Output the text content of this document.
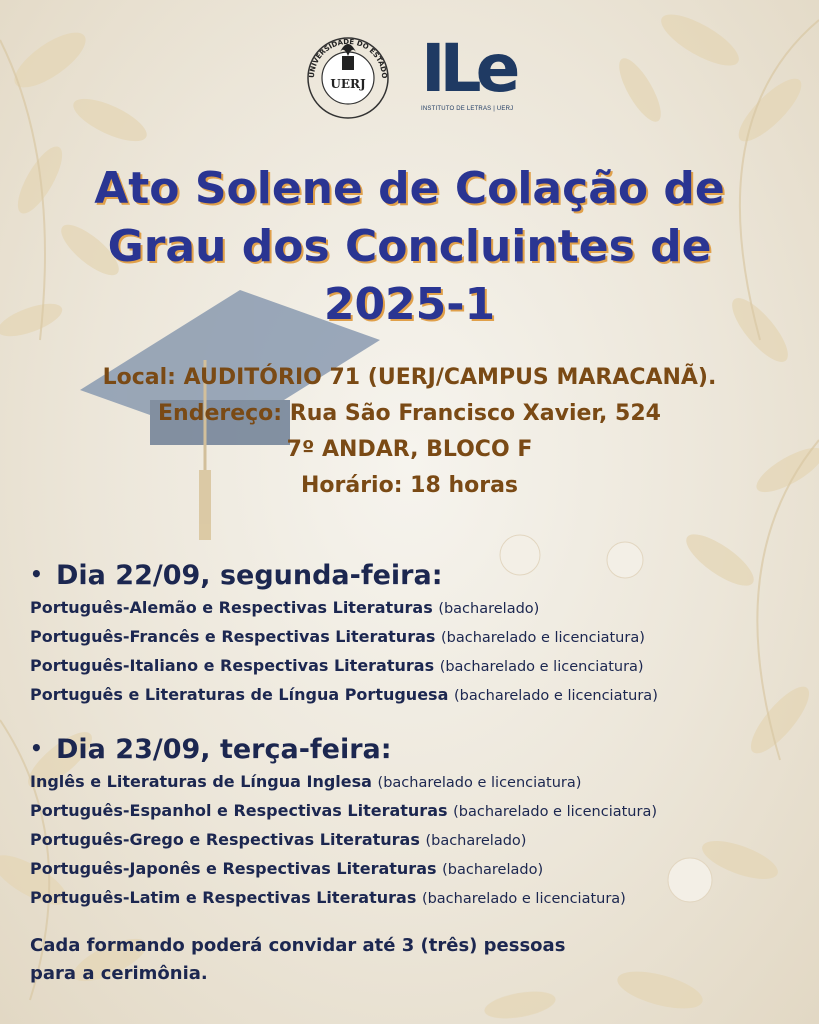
UNIVERSIDADE DO ESTADO
UERJ ILe
INSTITUTO DE LETRAS | UERJ
Ato Solene de Colação de
Grau dos Concluintes de
2025-1
Local: AUDITÓRIO 71 (UERJ/CAMPUS MARACANÃ).
Endereço: Rua São Francisco Xavier, 524
7º ANDAR, BLOCO F
Horário: 18 horas
• Dia 22/09, segunda-feira:
Português-Alemão e Respectivas Literaturas (bacharelado)
Português-Francês e Respectivas Literaturas (bacharelado e licenciatura)
Português-Italiano e Respectivas Literaturas (bacharelado e licenciatura)
Português e Literaturas de Língua Portuguesa (bacharelado e licenciatura)
• Dia 23/09, terça-feira:
Inglês e Literaturas de Língua Inglesa (bacharelado e licenciatura)
Português-Espanhol e Respectivas Literaturas (bacharelado e licenciatura)
Português-Grego e Respectivas Literaturas (bacharelado)
Português-Japonês e Respectivas Literaturas (bacharelado)
Português-Latim e Respectivas Literaturas (bacharelado e licenciatura)
Cada formando poderá convidar até 3 (três) pessoas
para a cerimônia.
